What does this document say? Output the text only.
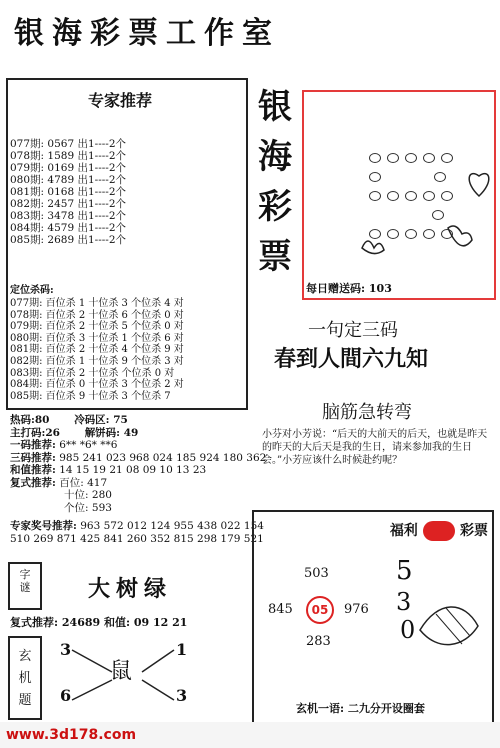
银海彩票工作室
专家推荐
077期: 0567 出1----2个
078期: 1589 出1----2个
079期: 0169 出1----2个
080期: 4789 出1----2个
081期: 0168 出1----2个
082期: 2457 出1----2个
083期: 3478 出1----2个
084期: 4579 出1----2个
085期: 2689 出1----2个
定位杀码:
077期: 百位杀 1 十位杀 3 个位杀 4 对
078期: 百位杀 2 十位杀 6 个位杀 0 对
079期: 百位杀 2 十位杀 5 个位杀 0 对
080期: 百位杀 3 十位杀 1 个位杀 6 对
081期: 百位杀 2 十位杀 4 个位杀 9 对
082期: 百位杀 1 十位杀 9 个位杀 3 对
083期: 百位杀 2 十位杀 个位杀 0 对
084期: 百位杀 0 十位杀 3 个位杀 2 对
085期: 百位杀 9 十位杀 3 个位杀 7
热码:80 冷码区: 75
主打码:26 解饼码: 49
一码推荐: 6** *6* **6
三码推荐: 985 241 023 968 024 185 924 180 362
和值推荐: 14 15 19 21 08 09 10 13 23
复式推荐: 百位: 417
十位: 280
个位: 593
专家奖号推荐: 963 572 012 124 955 438 022 154
510 269 871 425 841 260 352 815 298 179 521
字谜	大树绿
复式推荐: 24689 和值: 09 12 21
玄机题
3	1
6	3
鼠
银
海
彩
票

每日赠送码: 103
一句定三码
春到人間六九知
脑筋急转弯
小芬对小芳说：“后天的大前天的后天，也就是昨天的昨天的大后天是我的生日，请来参加我的生日会。”小芳应该什么时候赴约呢？
福利	彩票
503
845	05	976
283
5
3
0
玄机一语: 二九分开设圈套
www.3d178.com
